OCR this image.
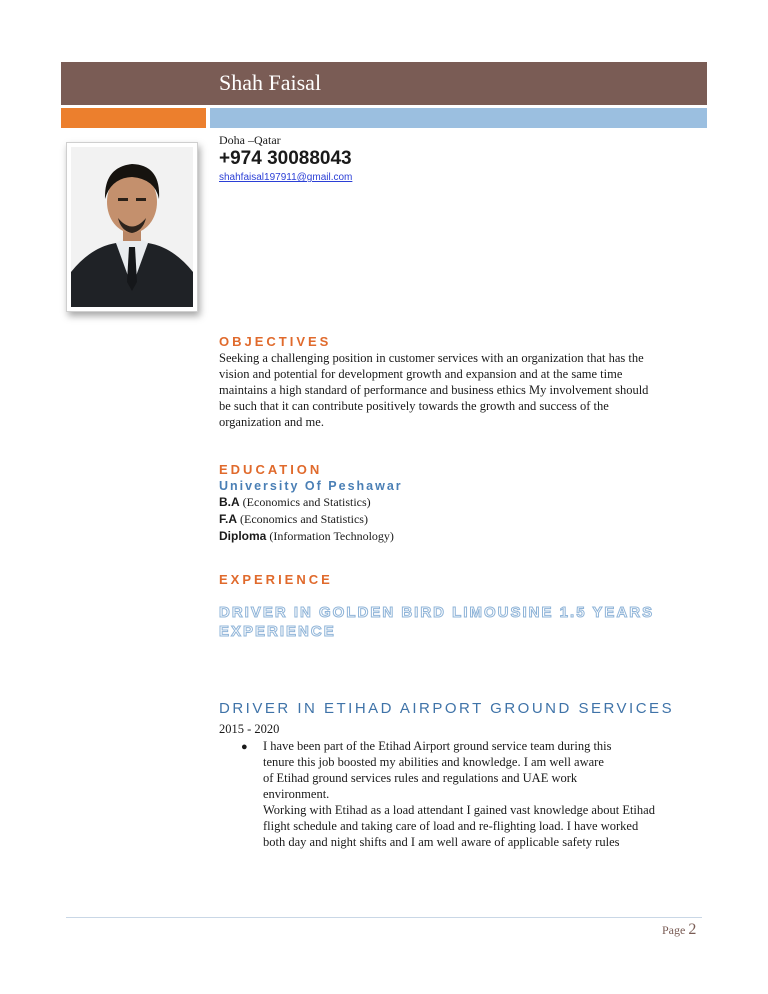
Shah Faisal
Doha –Qatar
+974 30088043
shahfaisal197911@gmail.com
OBJECTIVES
Seeking a challenging position in customer services with an organization that has the
vision and potential for development growth and expansion and at the same time
maintains a high standard of performance and business ethics My involvement should
be such that it can contribute positively towards the growth and success of the
organization and me.
EDUCATION
University Of Peshawar
B.A (Economics and Statistics)
F.A (Economics and Statistics)
Diploma (Information Technology)
EXPERIENCE
DRIVER IN GOLDEN BIRD LIMOUSINE 1.5 YEARS
EXPERIENCE
DRIVER IN ETIHAD AIRPORT GROUND SERVICES
2015 - 2020
● I have been part of the Etihad Airport ground service team during this
tenure this job boosted my abilities and knowledge. I am well aware
of Etihad ground services rules and regulations and UAE work
environment.
Working with Etihad as a load attendant I gained vast knowledge about Etihad
flight schedule and taking care of load and re-flighting load. I have worked
both day and night shifts and I am well aware of applicable safety rules
Page 2
